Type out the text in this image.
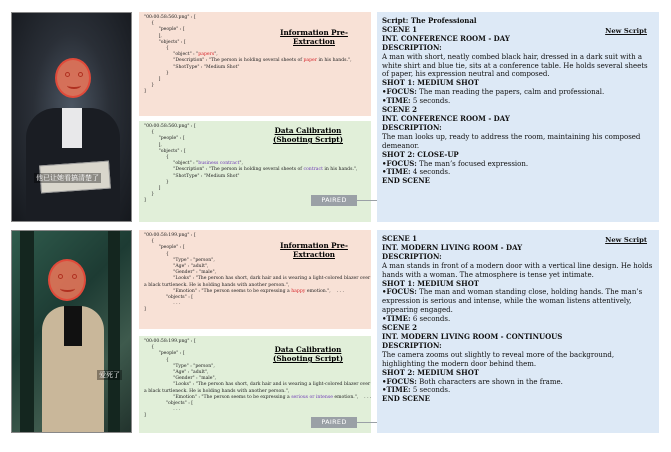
他已让她看搞清楚了
"00:00:58:560.png" : [
{
"people" : [
],
"objects" : [
{
"object" : "papers",
"Description" : "The person is holding several sheets of paper in his hands.",
"ShotType" : "Medium Shot"
}
]
}
]
Information Pre-Extraction
"00:00:58:560.png" : [
{
"people" : [
],
"objects" : [
{
"object" : "business contract",
"Description" : "The person is holding several sheets of contract in his hands.",
"ShotType" : "Medium Shot"
}
]
}
]
Data Calibration
(Shooting Script)
PAIRED
New Script
Script: The Professional
SCENE 1
INT. CONFERENCE ROOM - DAY
DESCRIPTION:
A man with short, neatly combed black hair, dressed in a dark suit with a white shirt and blue tie, sits at a conference table. He holds several sheets of paper, his expression neutral and composed.
SHOT 1: MEDIUM SHOT
•FOCUS: The man reading the papers, calm and professional.
•TIME: 5 seconds.
SCENE 2
INT. CONFERENCE ROOM - DAY
DESCRIPTION:
The man looks up, ready to address the room, maintaining his composed demeanor.
SHOT 2: CLOSE-UP
•FOCUS: The man’s focused expression.
•TIME: 4 seconds.
END SCENE
爱死了
"00:00:58:199.png" : [
{
"people" : [
{
"Type" : "person",
"Age" : "adult",
"Gender" : "male",
"Looks" : "The person has short, dark hair and is wearing a light-colored blazer over
a black turtleneck. He is holding hands with another person.",
"Emotion" : "The person seems to be expressing a happy emotion.",    . . .
"objects" : [
. . .
]
Information Pre-Extraction
"00:00:58:199.png" : [
{
"people" : [
{
"Type" : "person",
"Age" : "adult",
"Gender" : "male",
"Looks" : "The person has short, dark hair and is wearing a light-colored blazer over
a black turtleneck. He is holding hands with another person.",
"Emotion" : "The person seems to be expressing a serious or intense emotion.",    . . .
"objects" : [
. . .
]
Data Calibration
(Shooting Script)
PAIRED
New Script
SCENE 1
INT. MODERN LIVING ROOM - DAY
DESCRIPTION:
A man stands in front of a modern door with a vertical line design. He holds hands with a woman. The atmosphere is tense yet intimate.
SHOT 1: MEDIUM SHOT
•FOCUS: The man and woman standing close, holding hands. The man’s expression is serious and intense, while the woman listens attentively, appearing engaged.
•TIME: 6 seconds.
SCENE 2
INT. MODERN LIVING ROOM - CONTINUOUS
DESCRIPTION:
The camera zooms out slightly to reveal more of the background, highlighting the modern door behind them.
SHOT 2: MEDIUM SHOT
•FOCUS: Both characters are shown in the frame.
•TIME: 5 seconds.
END SCENE
